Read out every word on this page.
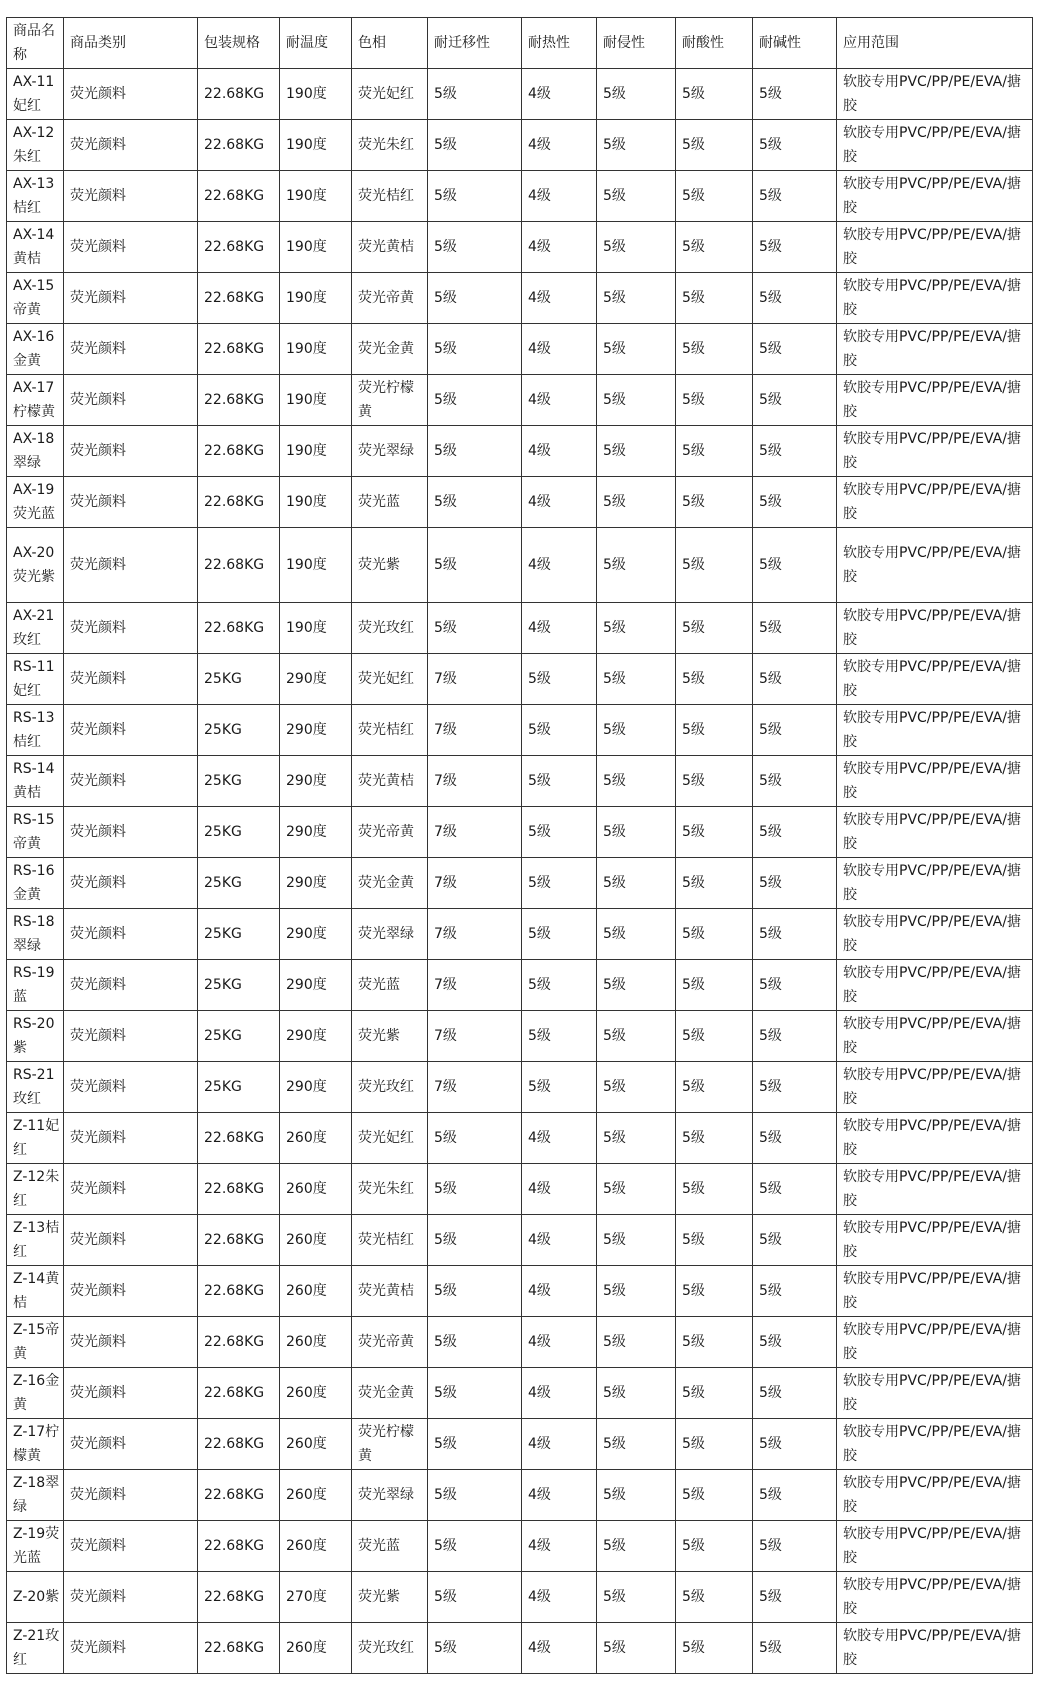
商品名称	商品类别	包装规格	耐温度	色相	耐迁移性	耐热性	耐侵性	耐酸性	耐碱性	应用范围
AX-11妃红	荧光颜料	22.68KG	190度	荧光妃红	5级	4级	5级	5级	5级	软胶专用PVC/PP/PE/EVA/搪胶
AX-12朱红	荧光颜料	22.68KG	190度	荧光朱红	5级	4级	5级	5级	5级	软胶专用PVC/PP/PE/EVA/搪胶
AX-13桔红	荧光颜料	22.68KG	190度	荧光桔红	5级	4级	5级	5级	5级	软胶专用PVC/PP/PE/EVA/搪胶
AX-14黄桔	荧光颜料	22.68KG	190度	荧光黄桔	5级	4级	5级	5级	5级	软胶专用PVC/PP/PE/EVA/搪胶
AX-15帝黄	荧光颜料	22.68KG	190度	荧光帝黄	5级	4级	5级	5级	5级	软胶专用PVC/PP/PE/EVA/搪胶
AX-16金黄	荧光颜料	22.68KG	190度	荧光金黄	5级	4级	5级	5级	5级	软胶专用PVC/PP/PE/EVA/搪胶
AX-17柠檬黄	荧光颜料	22.68KG	190度	荧光柠檬黄	5级	4级	5级	5级	5级	软胶专用PVC/PP/PE/EVA/搪胶
AX-18翠绿	荧光颜料	22.68KG	190度	荧光翠绿	5级	4级	5级	5级	5级	软胶专用PVC/PP/PE/EVA/搪胶
AX-19荧光蓝	荧光颜料	22.68KG	190度	荧光蓝	5级	4级	5级	5级	5级	软胶专用PVC/PP/PE/EVA/搪胶
AX-20荧光紫	荧光颜料	22.68KG	190度	荧光紫	5级	4级	5级	5级	5级	软胶专用PVC/PP/PE/EVA/搪胶
AX-21玫红	荧光颜料	22.68KG	190度	荧光玫红	5级	4级	5级	5级	5级	软胶专用PVC/PP/PE/EVA/搪胶
RS-11妃红	荧光颜料	25KG	290度	荧光妃红	7级	5级	5级	5级	5级	软胶专用PVC/PP/PE/EVA/搪胶
RS-13桔红	荧光颜料	25KG	290度	荧光桔红	7级	5级	5级	5级	5级	软胶专用PVC/PP/PE/EVA/搪胶
RS-14黄桔	荧光颜料	25KG	290度	荧光黄桔	7级	5级	5级	5级	5级	软胶专用PVC/PP/PE/EVA/搪胶
RS-15帝黄	荧光颜料	25KG	290度	荧光帝黄	7级	5级	5级	5级	5级	软胶专用PVC/PP/PE/EVA/搪胶
RS-16金黄	荧光颜料	25KG	290度	荧光金黄	7级	5级	5级	5级	5级	软胶专用PVC/PP/PE/EVA/搪胶
RS-18翠绿	荧光颜料	25KG	290度	荧光翠绿	7级	5级	5级	5级	5级	软胶专用PVC/PP/PE/EVA/搪胶
RS-19蓝	荧光颜料	25KG	290度	荧光蓝	7级	5级	5级	5级	5级	软胶专用PVC/PP/PE/EVA/搪胶
RS-20紫	荧光颜料	25KG	290度	荧光紫	7级	5级	5级	5级	5级	软胶专用PVC/PP/PE/EVA/搪胶
RS-21玫红	荧光颜料	25KG	290度	荧光玫红	7级	5级	5级	5级	5级	软胶专用PVC/PP/PE/EVA/搪胶
Z-11妃红	荧光颜料	22.68KG	260度	荧光妃红	5级	4级	5级	5级	5级	软胶专用PVC/PP/PE/EVA/搪胶
Z-12朱红	荧光颜料	22.68KG	260度	荧光朱红	5级	4级	5级	5级	5级	软胶专用PVC/PP/PE/EVA/搪胶
Z-13桔红	荧光颜料	22.68KG	260度	荧光桔红	5级	4级	5级	5级	5级	软胶专用PVC/PP/PE/EVA/搪胶
Z-14黄桔	荧光颜料	22.68KG	260度	荧光黄桔	5级	4级	5级	5级	5级	软胶专用PVC/PP/PE/EVA/搪胶
Z-15帝黄	荧光颜料	22.68KG	260度	荧光帝黄	5级	4级	5级	5级	5级	软胶专用PVC/PP/PE/EVA/搪胶
Z-16金黄	荧光颜料	22.68KG	260度	荧光金黄	5级	4级	5级	5级	5级	软胶专用PVC/PP/PE/EVA/搪胶
Z-17柠檬黄	荧光颜料	22.68KG	260度	荧光柠檬黄	5级	4级	5级	5级	5级	软胶专用PVC/PP/PE/EVA/搪胶
Z-18翠绿	荧光颜料	22.68KG	260度	荧光翠绿	5级	4级	5级	5级	5级	软胶专用PVC/PP/PE/EVA/搪胶
Z-19荧光蓝	荧光颜料	22.68KG	260度	荧光蓝	5级	4级	5级	5级	5级	软胶专用PVC/PP/PE/EVA/搪胶
Z-20紫	荧光颜料	22.68KG	270度	荧光紫	5级	4级	5级	5级	5级	软胶专用PVC/PP/PE/EVA/搪胶
Z-21玫红	荧光颜料	22.68KG	260度	荧光玫红	5级	4级	5级	5级	5级	软胶专用PVC/PP/PE/EVA/搪胶
